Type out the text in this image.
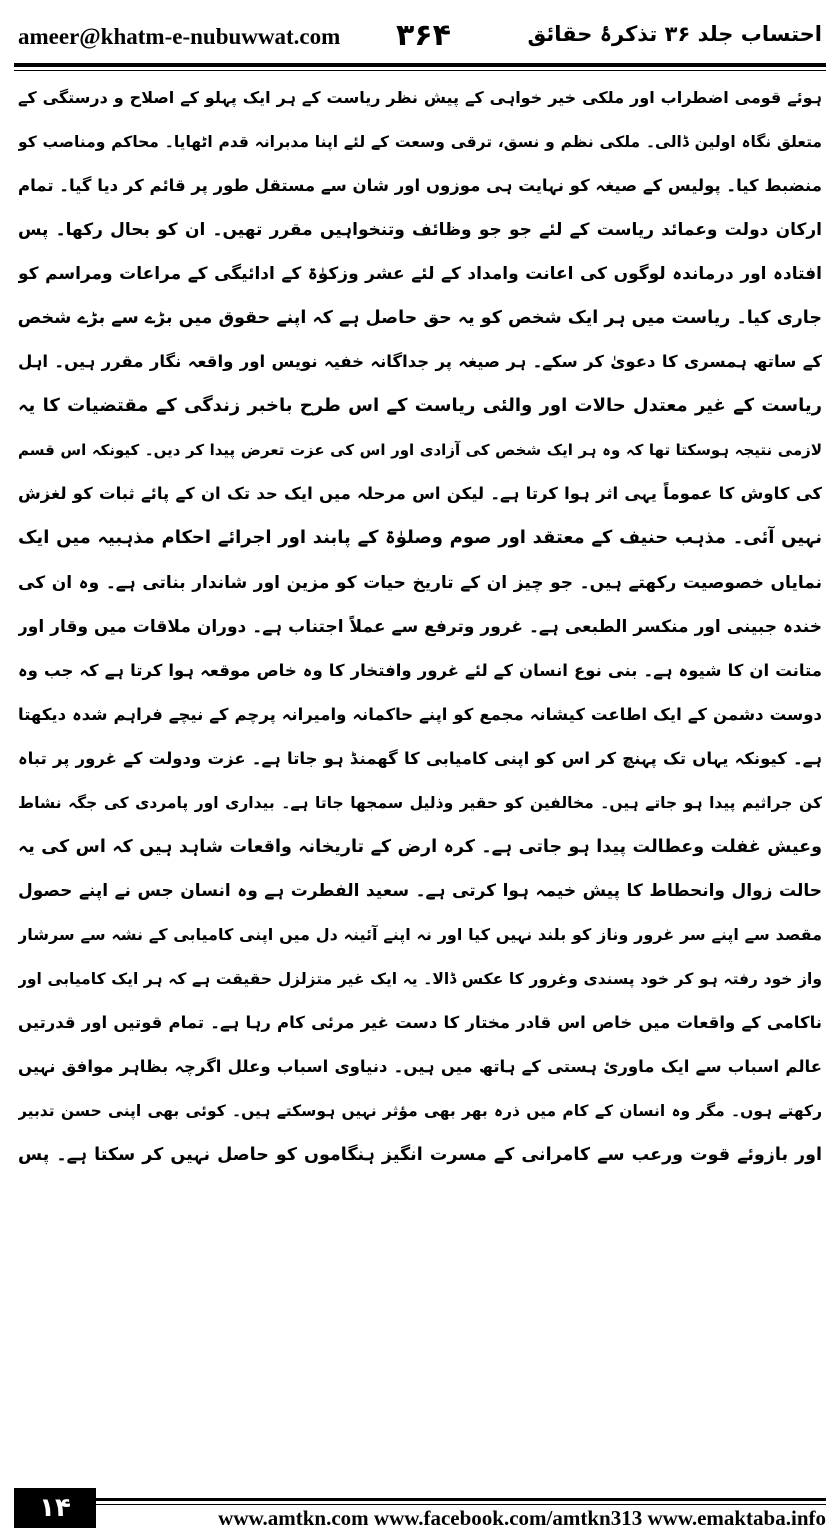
ameer@khatm-e-nubuwwat.com ۳۶۴	احتساب جلد ۳۶ تذکرۂ حقائق
ہوئے قومی اضطراب اور ملکی خیر خواہی کے پیش نظر ریاست کے ہر ایک پہلو کے اصلاح و درستگی کے
متعلق نگاہ اولین ڈالی۔ ملکی نظم و نسق، ترقی وسعت کے لئے اپنا مدبرانہ قدم اٹھایا۔ محاکم ومناصب کو
منضبط کیا۔ پولیس کے صیغہ کو نہایت ہی موزوں اور شان سے مستقل طور پر قائم کر دیا گیا۔ تمام
ارکان دولت وعمائد ریاست کے لئے جو جو وظائف وتنخواہیں مقرر تھیں۔ ان کو بحال رکھا۔ پس
افتادہ اور درماندہ لوگوں کی اعانت وامداد کے لئے عشر وزکوٰۃ کے ادائیگی کے مراعات ومراسم کو
جاری کیا۔ ریاست میں ہر ایک شخص کو یہ حق حاصل ہے کہ اپنے حقوق میں بڑے سے بڑے شخص
کے ساتھ ہمسری کا دعویٰ کر سکے۔ ہر صیغہ پر جداگانہ خفیہ نویس اور واقعہ نگار مقرر ہیں۔ اہل
ریاست کے غیر معتدل حالات اور والئی ریاست کے اس طرح باخبر زندگی کے مقتضیات کا یہ
لازمی نتیجہ ہوسکتا تھا کہ وہ ہر ایک شخص کی آزادی اور اس کی عزت تعرض پیدا کر دیں۔ کیونکہ اس قسم
کی کاوش کا عموماً یہی اثر ہوا کرتا ہے۔ لیکن اس مرحلہ میں ایک حد تک ان کے پائے ثبات کو لغزش
نہیں آئی۔ مذہب حنیف کے معتقد اور صوم وصلوٰۃ کے پابند اور اجرائے احکام مذہبیہ میں ایک
نمایاں خصوصیت رکھتے ہیں۔ جو چیز ان کے تاریخ حیات کو مزین اور شاندار بناتی ہے۔ وہ ان کی
خندہ جبینی اور منکسر الطبعی ہے۔ غرور وترفع سے عملاً اجتناب ہے۔ دوران ملاقات میں وقار اور
متانت ان کا شیوہ ہے۔ بنی نوع انسان کے لئے غرور وافتخار کا وہ خاص موقعہ ہوا کرتا ہے کہ جب وہ
دوست دشمن کے ایک اطاعت کیشانہ مجمع کو اپنے حاکمانہ وامیرانہ پرچم کے نیچے فراہم شدہ دیکھتا
ہے۔ کیونکہ یہاں تک پہنچ کر اس کو اپنی کامیابی کا گھمنڈ ہو جاتا ہے۔ عزت ودولت کے غرور پر تباہ
کن جراثیم پیدا ہو جاتے ہیں۔ مخالفین کو حقیر وذلیل سمجھا جاتا ہے۔ بیداری اور پامردی کی جگہ نشاط
وعیش غفلت وعطالت پیدا ہو جاتی ہے۔ کرہ ارض کے تاریخانہ واقعات شاہد ہیں کہ اس کی یہ
حالت زوال وانحطاط کا پیش خیمہ ہوا کرتی ہے۔ سعید الفطرت ہے وہ انسان جس نے اپنے حصول
مقصد سے اپنے سر غرور وناز کو بلند نہیں کیا اور نہ اپنے آئینہ دل میں اپنی کامیابی کے نشہ سے سرشار
واز خود رفتہ ہو کر خود پسندی وغرور کا عکس ڈالا۔ یہ ایک غیر متزلزل حقیقت ہے کہ ہر ایک کامیابی اور
ناکامی کے واقعات میں خاص اس قادر مختار کا دست غیر مرئی کام رہا ہے۔ تمام قوتیں اور قدرتیں
عالم اسباب سے ایک ماورئ ہستی کے ہاتھ میں ہیں۔ دنیاوی اسباب وعلل اگرچہ بظاہر موافق نہیں
رکھتے ہوں۔ مگر وہ انسان کے کام میں ذرہ بھر بھی مؤثر نہیں ہوسکتے ہیں۔ کوئی بھی اپنی حسن تدبیر
اور بازوئے قوت ورعب سے کامرانی کے مسرت انگیز ہنگاموں کو حاصل نہیں کر سکتا ہے۔ پس
۱۴	www.amtkn.com www.facebook.com/amtkn313 www.emaktaba.info
